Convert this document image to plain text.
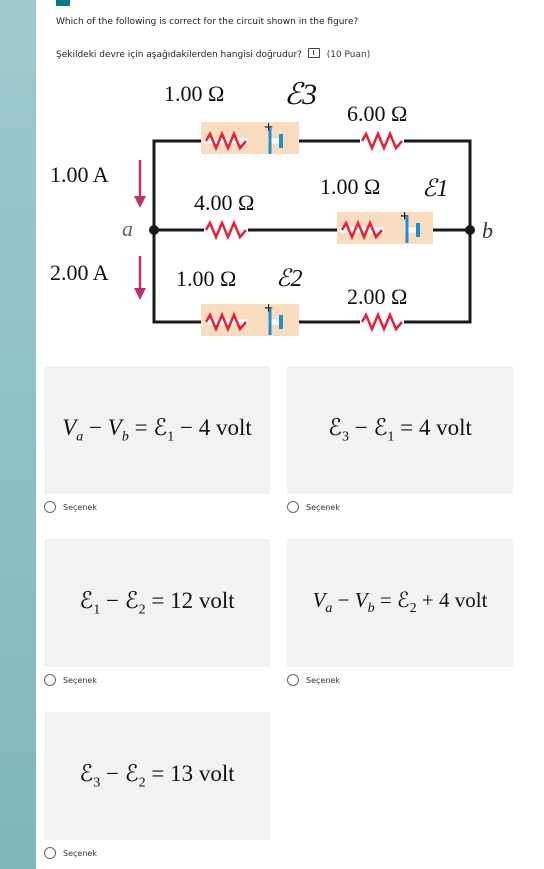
Which of the following is correct for the circuit shown in the figure?
Şekildeki devre için aşağıdakilerden hangisi doğrudur?	(10 Puan)
1.00 Ω ℰ3
6.00 Ω
1.00 A
4.00 Ω
1.00 Ω ℰ1
a	b
2.00 A	1.00 Ω ℰ2
2.00 Ω
+
+
+
$V_a - V_b$ = ℰ$_1$ − 4 volt
Seçenek
ℰ$_3$ − ℰ$_1$ = 4 volt
Seçenek
ℰ$_1$ − ℰ$_2$ = 12 volt
Seçenek
$V_a - V_b$ = ℰ$_2$ + 4 volt
Seçenek
ℰ$_3$ − ℰ$_2$ = 13 volt
Seçenek
